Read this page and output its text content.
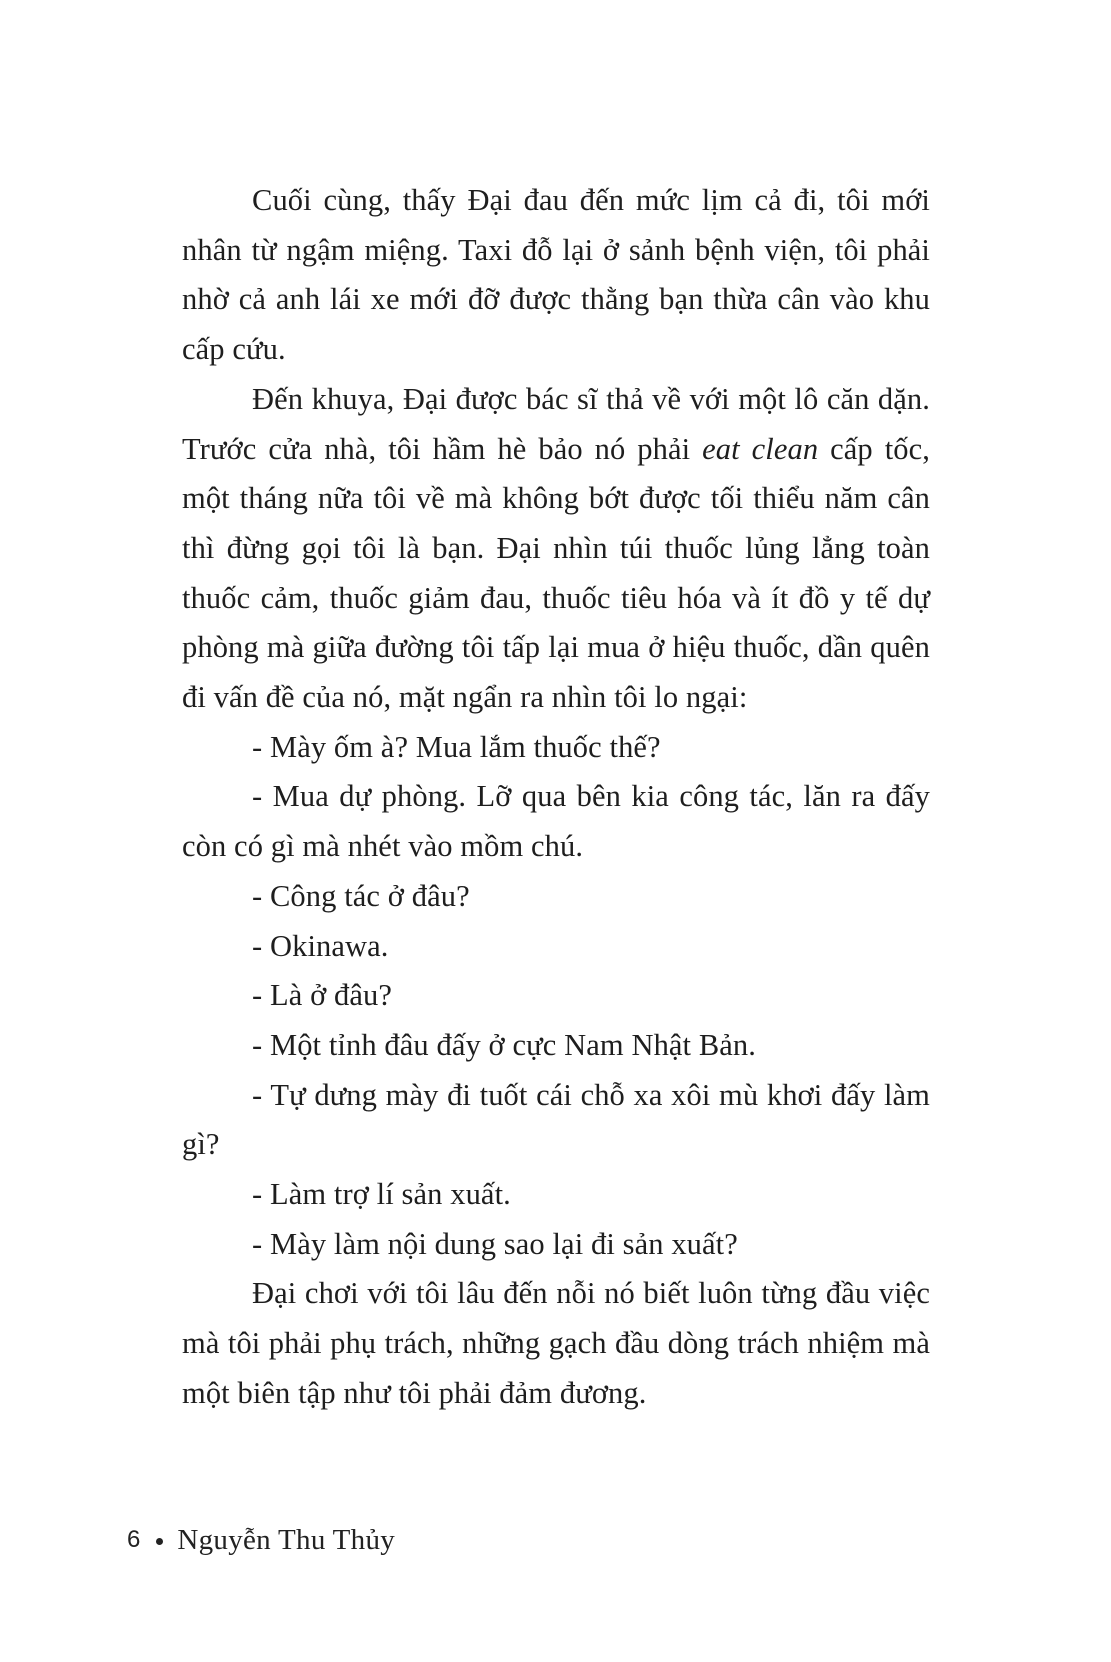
Cuối cùng, thấy Đại đau đến mức lịm cả đi, tôi mới nhân từ ngậm miệng. Taxi đỗ lại ở sảnh bệnh viện, tôi phải nhờ cả anh lái xe mới đỡ được thằng bạn thừa cân vào khu cấp cứu.

Đến khuya, Đại được bác sĩ thả về với một lô căn dặn. Trước cửa nhà, tôi hầm hè bảo nó phải eat clean cấp tốc, một tháng nữa tôi về mà không bớt được tối thiểu năm cân thì đừng gọi tôi là bạn. Đại nhìn túi thuốc lủng lẳng toàn thuốc cảm, thuốc giảm đau, thuốc tiêu hóa và ít đồ y tế dự phòng mà giữa đường tôi tấp lại mua ở hiệu thuốc, dần quên đi vấn đề của nó, mặt ngẩn ra nhìn tôi lo ngại:

- Mày ốm à? Mua lắm thuốc thế?

- Mua dự phòng. Lỡ qua bên kia công tác, lăn ra đấy còn có gì mà nhét vào mồm chú.

- Công tác ở đâu?

- Okinawa.

- Là ở đâu?

- Một tỉnh đâu đấy ở cực Nam Nhật Bản.

- Tự dưng mày đi tuốt cái chỗ xa xôi mù khơi đấy làm gì?

- Làm trợ lí sản xuất.

- Mày làm nội dung sao lại đi sản xuất?

Đại chơi với tôi lâu đến nỗi nó biết luôn từng đầu việc mà tôi phải phụ trách, những gạch đầu dòng trách nhiệm mà một biên tập như tôi phải đảm đương.

6 Nguyễn Thu Thủy
